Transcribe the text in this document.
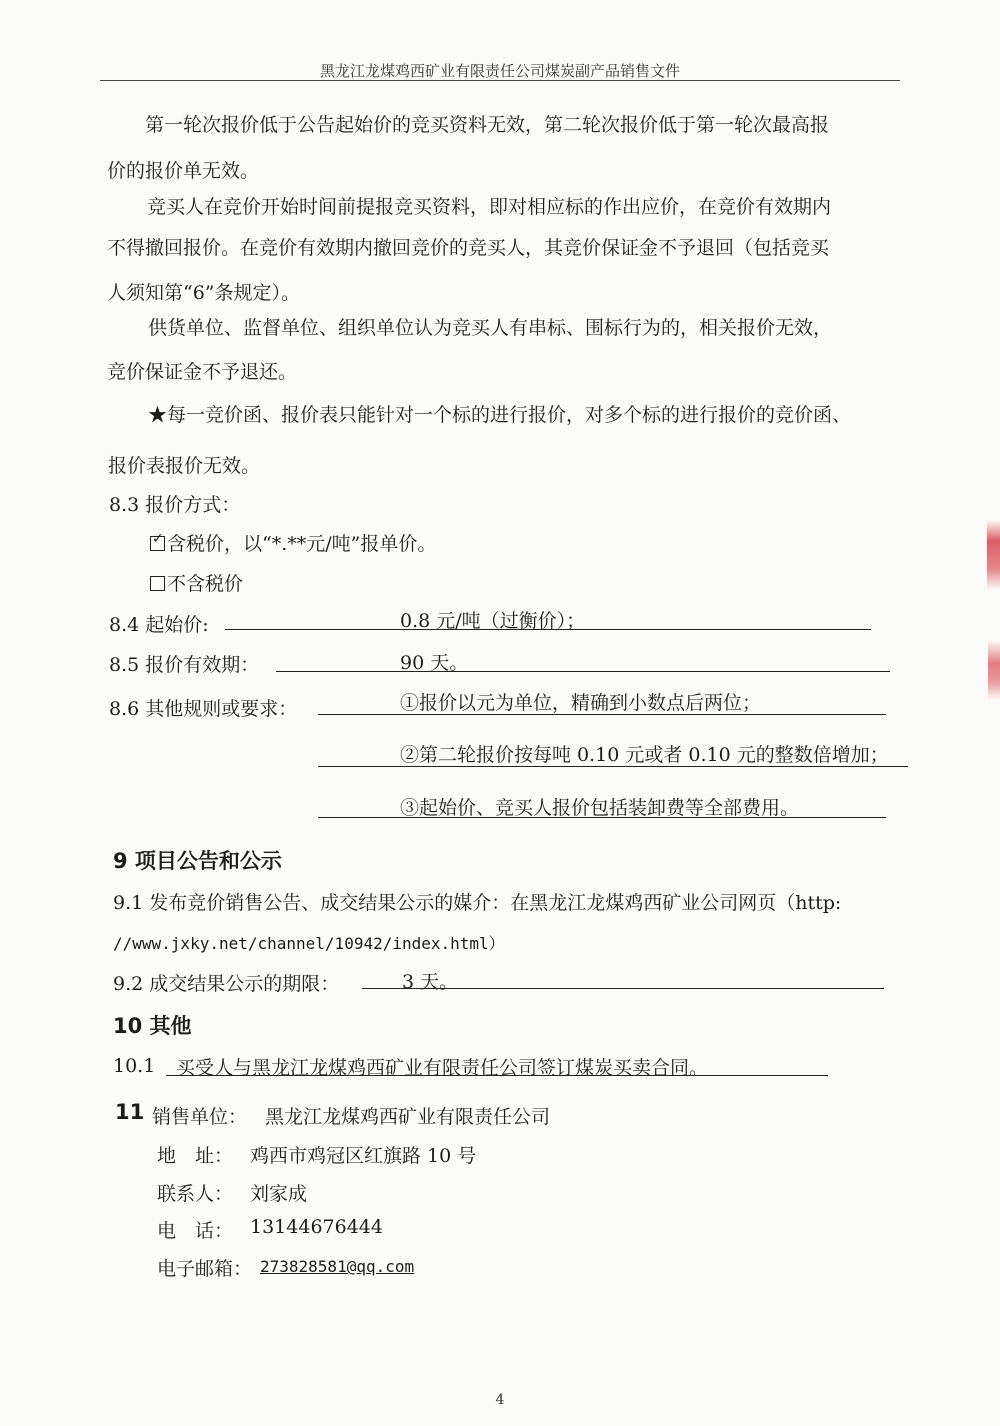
黑龙江龙煤鸡西矿业有限责任公司煤炭副产品销售文件
第一轮次报价低于公告起始价的竞买资料无效，第二轮次报价低于第一轮次最高报
价的报价单无效。
竞买人在竞价开始时间前提报竞买资料，即对相应标的作出应价，在竞价有效期内
不得撤回报价。在竞价有效期内撤回竞价的竞买人，其竞价保证金不予退回（包括竞买
人须知第“6”条规定）。
供货单位、监督单位、组织单位认为竞买人有串标、围标行为的，相关报价无效，
竞价保证金不予退还。
★每一竞价函、报价表只能针对一个标的进行报价，对多个标的进行报价的竞价函、
报价表报价无效。
8.3 报价方式：
✓ 含税价，以“*.**元/吨”报单价。
不含税价
8.4 起始价:	0.8 元/吨（过衡价）；
8.5 报价有效期：	90 天。
8.6 其他规则或要求：	①报价以元为单位，精确到小数点后两位；
②第二轮报价按每吨 0.10 元或者 0.10 元的整数倍增加；
③起始价、竞买人报价包括装卸费等全部费用。
9 项目公告和公示
9.1 发布竞价销售公告、成交结果公示的媒介：在黑龙江龙煤鸡西矿业公司网页（http:
//www.jxky.net/channel/10942/index.html）
9.2 成交结果公示的期限：	3 天。
10 其他
10.1 买受人与黑龙江龙煤鸡西矿业有限责任公司签订煤炭买卖合同。
11 销售单位： 黑龙江龙煤鸡西矿业有限责任公司
地　址： 鸡西市鸡冠区红旗路 10 号
联系人： 刘家成
电　话： 13144676444
电子邮箱： 273828581@qq.com
4
